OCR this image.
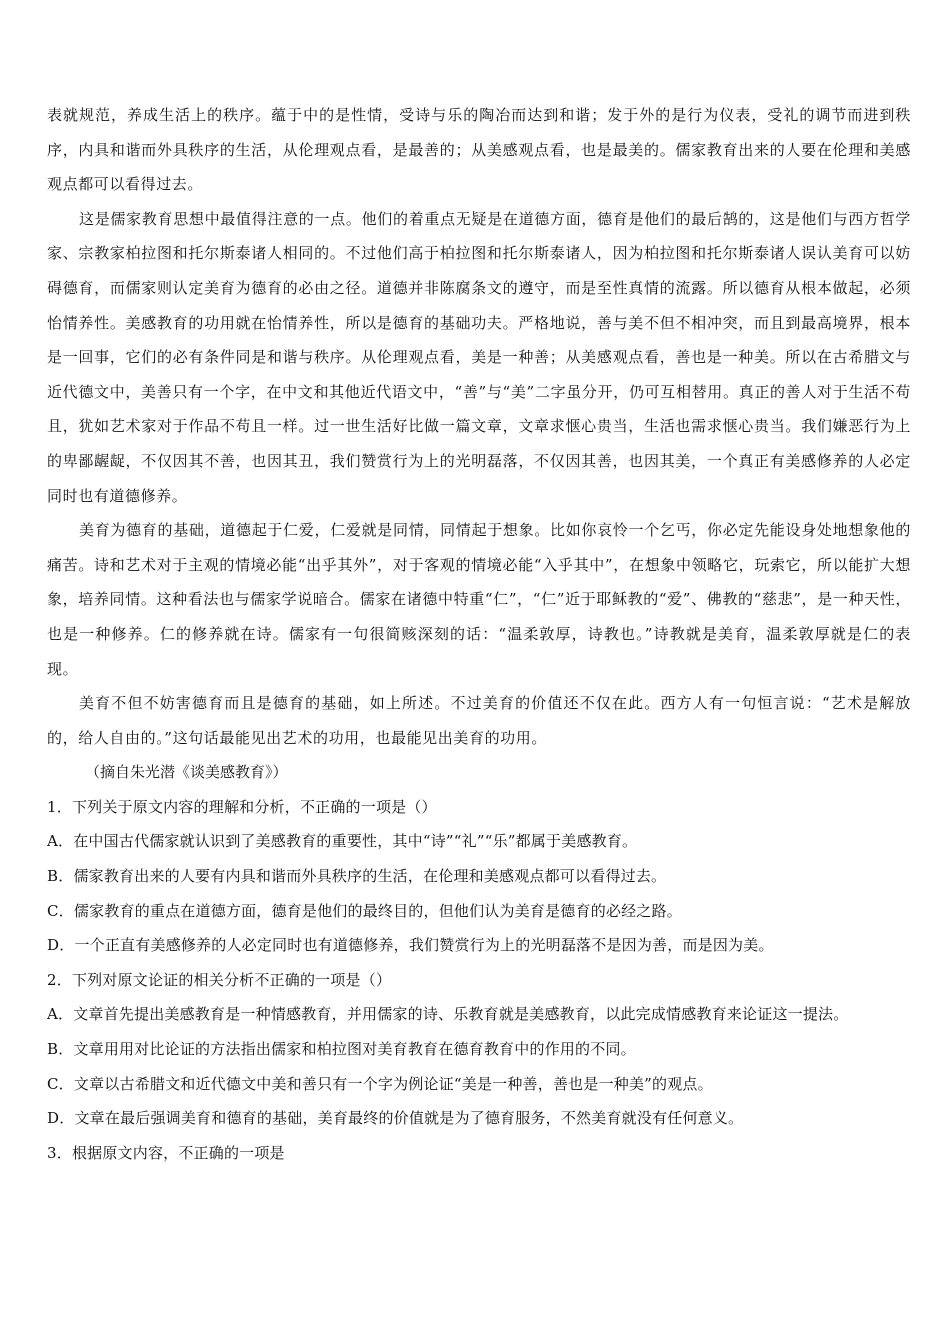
表就规范，养成生活上的秩序。蕴于中的是性情，受诗与乐的陶冶而达到和谐；发于外的是行为仪表，受礼的调节而进到秩序，内具和谐而外具秩序的生活，从伦理观点看，是最善的；从美感观点看，也是最美的。儒家教育出来的人要在伦理和美感观点都可以看得过去。

这是儒家教育思想中最值得注意的一点。他们的着重点无疑是在道德方面，德育是他们的最后鹄的，这是他们与西方哲学家、宗教家柏拉图和托尔斯泰诸人相同的。不过他们高于柏拉图和托尔斯泰诸人，因为柏拉图和托尔斯泰诸人误认美育可以妨碍德育，而儒家则认定美育为德育的必由之径。道德并非陈腐条文的遵守，而是至性真情的流露。所以德育从根本做起，必须怡情养性。美感教育的功用就在怡情养性，所以是德育的基础功夫。严格地说，善与美不但不相冲突，而且到最高境界，根本是一回事，它们的必有条件同是和谐与秩序。从伦理观点看，美是一种善；从美感观点看，善也是一种美。所以在古希腊文与近代德文中，美善只有一个字，在中文和其他近代语文中，“善”与“美”二字虽分开，仍可互相替用。真正的善人对于生活不苟且，犹如艺术家对于作品不苟且一样。过一世生活好比做一篇文章，文章求惬心贵当，生活也需求惬心贵当。我们嫌恶行为上的卑鄙龌龊，不仅因其不善，也因其丑，我们赞赏行为上的光明磊落，不仅因其善，也因其美，一个真正有美感修养的人必定同时也有道德修养。

美育为德育的基础，道德起于仁爱，仁爱就是同情，同情起于想象。比如你哀怜一个乞丐，你必定先能设身处地想象他的痛苦。诗和艺术对于主观的情境必能“出乎其外”，对于客观的情境必能“入乎其中”，在想象中领略它，玩索它，所以能扩大想象，培养同情。这种看法也与儒家学说暗合。儒家在诸德中特重“仁”，“仁”近于耶稣教的“爱”、佛教的“慈悲”，是一种天性，也是一种修养。仁的修养就在诗。儒家有一句很简赅深刻的话：“温柔敦厚，诗教也。”诗教就是美育，温柔敦厚就是仁的表现。

美育不但不妨害德育而且是德育的基础，如上所述。不过美育的价值还不仅在此。西方人有一句恒言说：“艺术是解放的，给人自由的。”这句话最能见出艺术的功用，也最能见出美育的功用。

（摘自朱光潜《谈美感教育》）

1．下列关于原文内容的理解和分析，不正确的一项是（）

A．在中国古代儒家就认识到了美感教育的重要性，其中“诗”“礼”“乐”都属于美感教育。

B．儒家教育出来的人要有内具和谐而外具秩序的生活，在伦理和美感观点都可以看得过去。

C．儒家教育的重点在道德方面，德育是他们的最终目的，但他们认为美育是德育的必经之路。

D．一个正直有美感修养的人必定同时也有道德修养，我们赞赏行为上的光明磊落不是因为善，而是因为美。

2．下列对原文论证的相关分析不正确的一项是（）

A．文章首先提出美感教育是一种情感教育，并用儒家的诗、乐教育就是美感教育，以此完成情感教育来论证这一提法。

B．文章用用对比论证的方法指出儒家和柏拉图对美育教育在德育教育中的作用的不同。

C．文章以古希腊文和近代德文中美和善只有一个字为例论证“美是一种善，善也是一种美”的观点。

D．文章在最后强调美育和德育的基础，美育最终的价值就是为了德育服务，不然美育就没有任何意义。

3．根据原文内容，不正确的一项是
